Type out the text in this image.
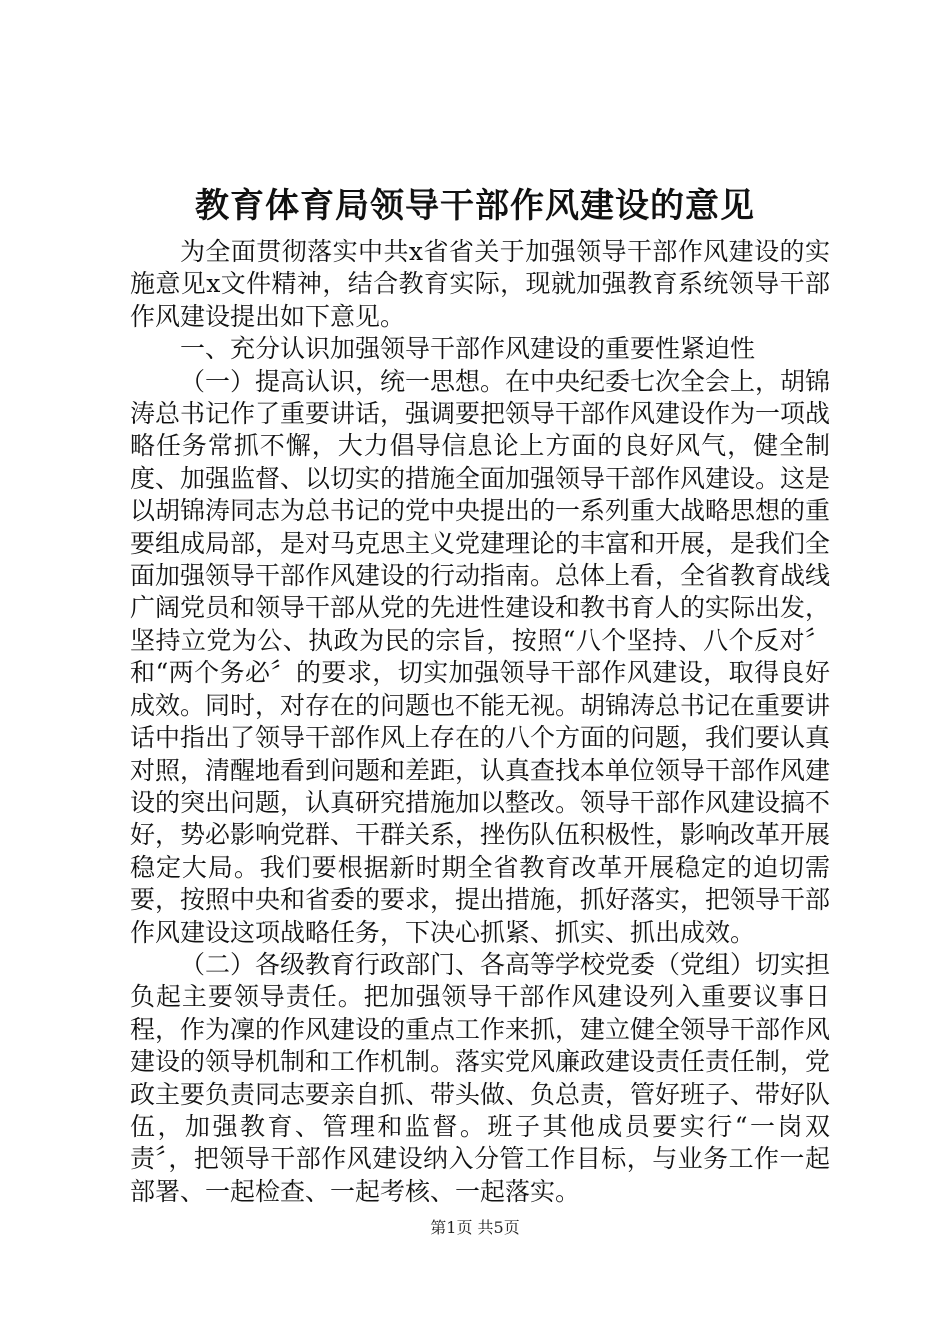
教育体育局领导干部作风建设的意见

为全面贯彻落实中共x省省关于加强领导干部作风建设的实施意见x文件精神，结合教育实际，现就加强教育系统领导干部作风建设提出如下意见。

一、充分认识加强领导干部作风建设的重要性紧迫性

（一）提高认识，统一思想。在中央纪委七次全会上，胡锦涛总书记作了重要讲话，强调要把领导干部作风建设作为一项战略任务常抓不懈，大力倡导信息论上方面的良好风气，健全制度、加强监督、以切实的措施全面加强领导干部作风建设。这是以胡锦涛同志为总书记的党中央提出的一系列重大战略思想的重要组成局部，是对马克思主义党建理论的丰富和开展，是我们全面加强领导干部作风建设的行动指南。总体上看，全省教育战线广阔党员和领导干部从党的先进性建设和教书育人的实际出发，坚持立党为公、执政为民的宗旨，按照“八个坚持、八个反对〞和“两个务必〞的要求，切实加强领导干部作风建设，取得良好成效。同时，对存在的问题也不能无视。胡锦涛总书记在重要讲话中指出了领导干部作风上存在的八个方面的问题，我们要认真对照，清醒地看到问题和差距，认真查找本单位领导干部作风建设的突出问题，认真研究措施加以整改。领导干部作风建设搞不好，势必影响党群、干群关系，挫伤队伍积极性，影响改革开展稳定大局。我们要根据新时期全省教育改革开展稳定的迫切需要，按照中央和省委的要求，提出措施，抓好落实，把领导干部作风建设这项战略任务，下决心抓紧、抓实、抓出成效。

（二）各级教育行政部门、各高等学校党委（党组）切实担负起主要领导责任。把加强领导干部作风建设列入重要议事日程，作为凜的作风建设的重点工作来抓，建立健全领导干部作风建设的领导机制和工作机制。落实党风廉政建设责任责任制，党政主要负责同志要亲自抓、带头做、负总责，管好班子、带好队伍，加强教育、管理和监督。班子其他成员要实行“一岗双责〞，把领导干部作风建设纳入分管工作目标，与业务工作一起部署、一起检查、一起考核、一起落实。

第1页 共5页
